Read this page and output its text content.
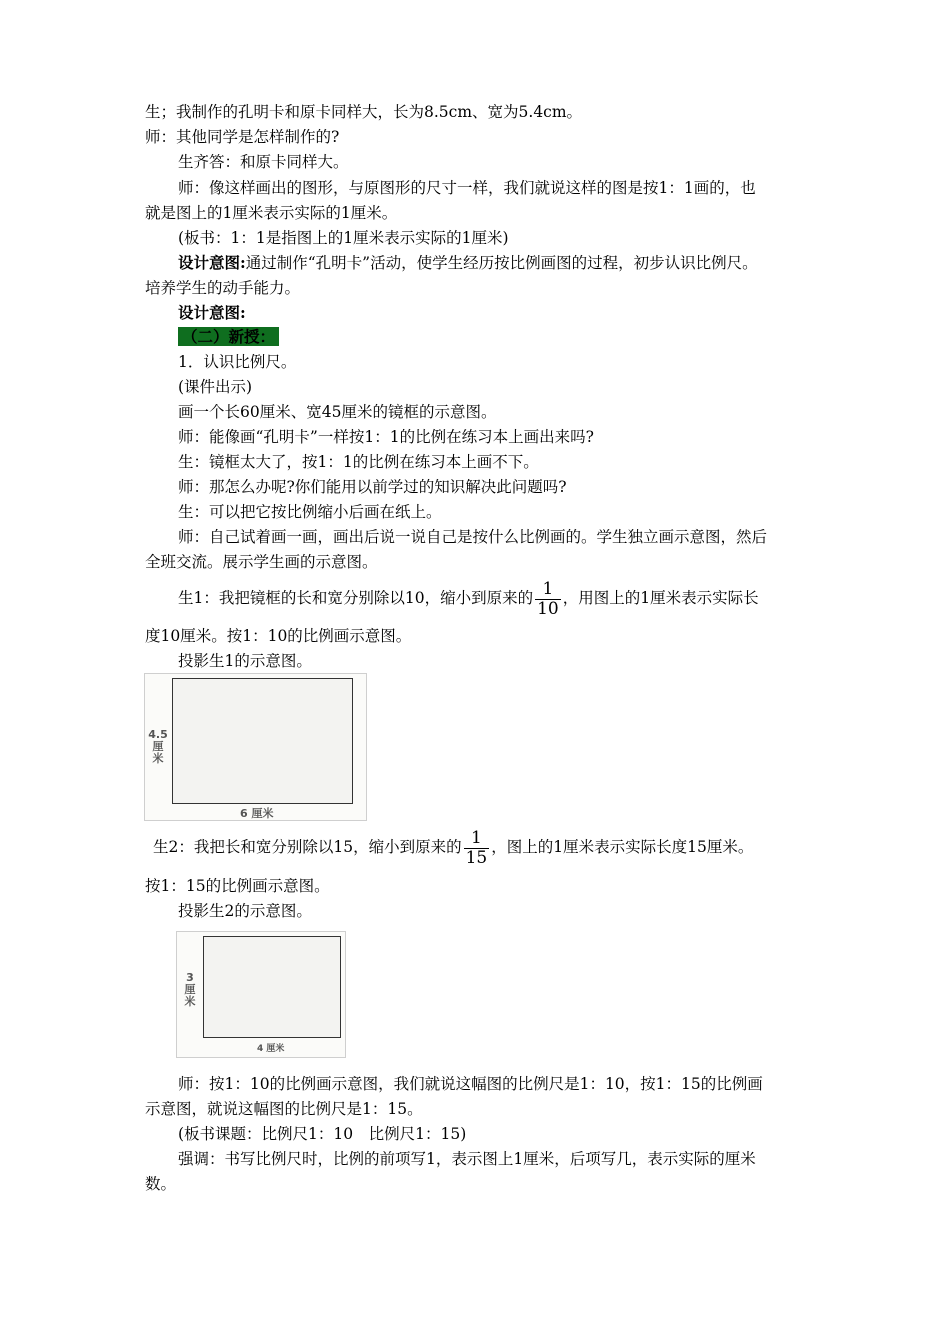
生；我制作的孔明卡和原卡同样大，长为8.5cm、宽为5.4cm。
师：其他同学是怎样制作的?
生齐答：和原卡同样大。
师：像这样画出的图形，与原图形的尺寸一样，我们就说这样的图是按1：1画的，也
就是图上的1厘米表示实际的1厘米。
(板书：1：1是指图上的1厘米表示实际的1厘米)
设计意图:通过制作“孔明卡”活动，使学生经历按比例画图的过程，初步认识比例尺。
培养学生的动手能力。
设计意图:
（二）新授：
1．认识比例尺。
(课件出示)
画一个长60厘米、宽45厘米的镜框的示意图。
师：能像画“孔明卡”一样按1：1的比例在练习本上画出来吗?
生：镜框太大了，按1：1的比例在练习本上画不下。
师：那怎么办呢?你们能用以前学过的知识解决此问题吗?
生：可以把它按比例缩小后画在纸上。
师：自己试着画一画，画出后说一说自己是按什么比例画的。学生独立画示意图，然后
全班交流。展示学生画的示意图。
生1：我把镜框的长和宽分别除以10，缩小到原来的 $\frac{1}{10}$ ，用图上的1厘米表示实际长
度10厘米。按1：10的比例画示意图。
投影生1的示意图。
4.5
厘
米
6 厘米
生2：我把长和宽分别除以15，缩小到原来的 $\frac{1}{15}$ ，图上的1厘米表示实际长度15厘米。
按1：15的比例画示意图。
投影生2的示意图。
3
厘
米
4 厘米
师：按1：10的比例画示意图，我们就说这幅图的比例尺是1：10，按1：15的比例画
示意图，就说这幅图的比例尺是1：15。
(板书课题：比例尺1：10　比例尺1：15)
强调：书写比例尺时，比例的前项写1，表示图上1厘米，后项写几，表示实际的厘米
数。
